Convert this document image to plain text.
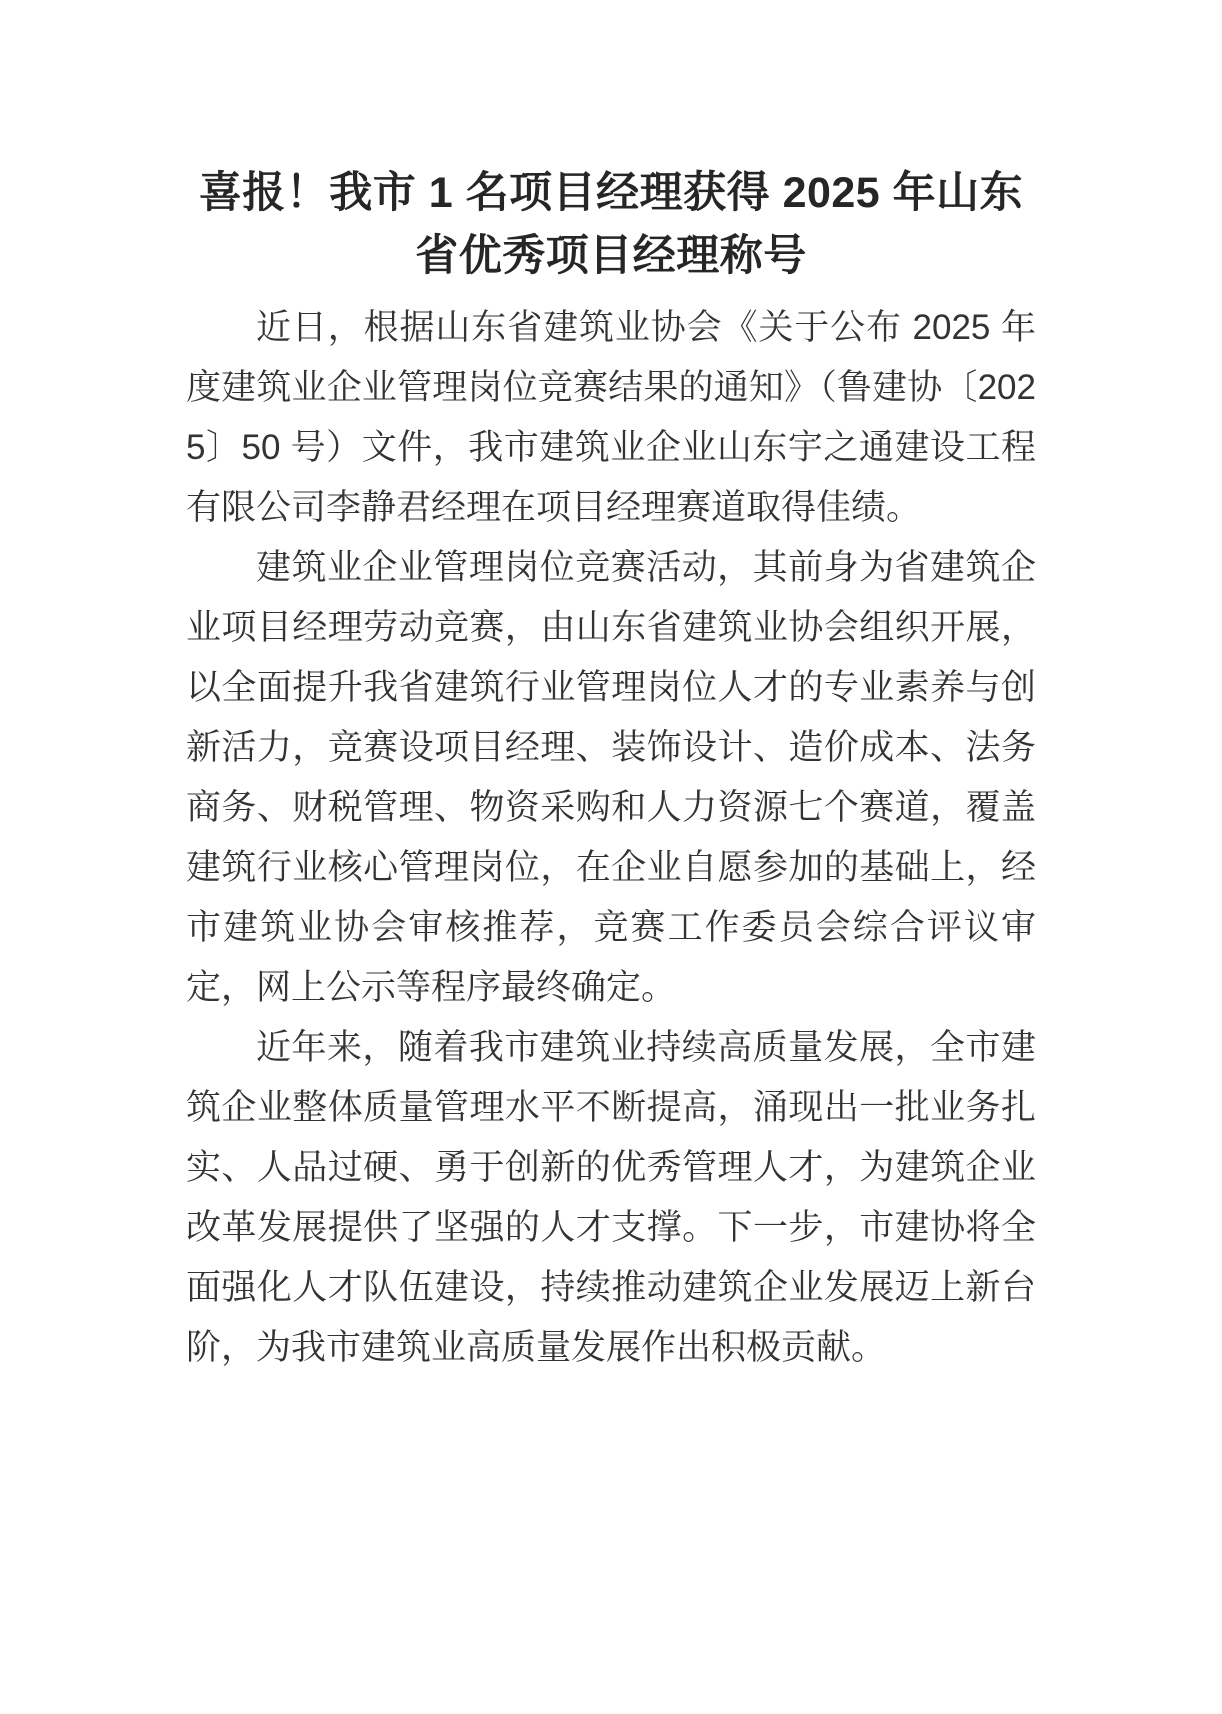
喜报！我市 1 名项目经理获得 2025 年山东省优秀项目经理称号

近日，根据山东省建筑业协会《关于公布 2025 年度建筑业企业管理岗位竞赛结果的通知》（鲁建协〔2025〕50 号）文件，我市建筑业企业山东宇之通建设工程有限公司李静君经理在项目经理赛道取得佳绩。

建筑业企业管理岗位竞赛活动，其前身为省建筑企业项目经理劳动竞赛，由山东省建筑业协会组织开展，以全面提升我省建筑行业管理岗位人才的专业素养与创新活力，竞赛设项目经理、装饰设计、造价成本、法务商务、财税管理、物资采购和人力资源七个赛道，覆盖建筑行业核心管理岗位，在企业自愿参加的基础上，经市建筑业协会审核推荐，竞赛工作委员会综合评议审定，网上公示等程序最终确定。

近年来，随着我市建筑业持续高质量发展，全市建筑企业整体质量管理水平不断提高，涌现出一批业务扎实、人品过硬、勇于创新的优秀管理人才，为建筑企业改革发展提供了坚强的人才支撑。下一步，市建协将全面强化人才队伍建设，持续推动建筑企业发展迈上新台阶，为我市建筑业高质量发展作出积极贡献。
